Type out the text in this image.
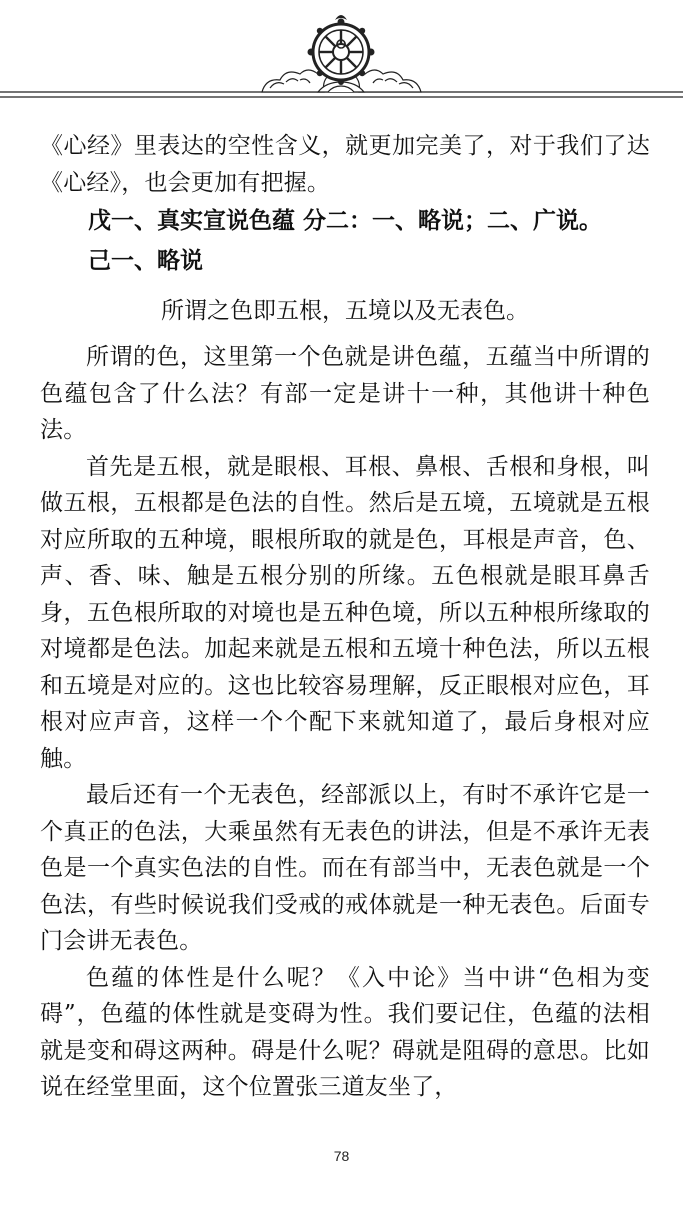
《心经》里表达的空性含义，就更加完美了，对于我们了达《心经》，也会更加有把握。

戊一、真实宣说色蕴 分二：一、略说；二、广说。

己一、略说

所谓之色即五根，五境以及无表色。

所谓的色，这里第一个色就是讲色蕴，五蕴当中所谓的色蕴包含了什么法？有部一定是讲十一种，其他讲十种色法。

首先是五根，就是眼根、耳根、鼻根、舌根和身根，叫做五根，五根都是色法的自性。然后是五境，五境就是五根对应所取的五种境，眼根所取的就是色，耳根是声音，色、声、香、味、触是五根分别的所缘。五色根就是眼耳鼻舌身，五色根所取的对境也是五种色境，所以五种根所缘取的对境都是色法。加起来就是五根和五境十种色法，所以五根和五境是对应的。这也比较容易理解，反正眼根对应色，耳根对应声音，这样一个个配下来就知道了，最后身根对应触。

最后还有一个无表色，经部派以上，有时不承许它是一个真正的色法，大乘虽然有无表色的讲法，但是不承许无表色是一个真实色法的自性。而在有部当中，无表色就是一个色法，有些时候说我们受戒的戒体就是一种无表色。后面专门会讲无表色。

色蕴的体性是什么呢？《入中论》当中讲“色相为变碍”，色蕴的体性就是变碍为性。我们要记住，色蕴的法相就是变和碍这两种。碍是什么呢？碍就是阻碍的意思。比如说在经堂里面，这个位置张三道友坐了，

78
